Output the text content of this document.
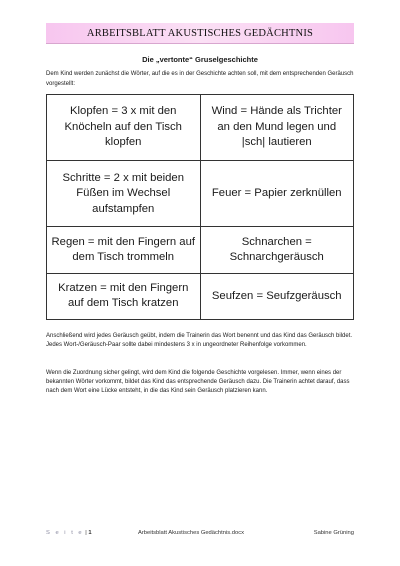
ARBEITSBLATT AKUSTISCHES GEDÄCHTNIS
Die „vertonte“ Gruselgeschichte
Dem Kind werden zunächst die Wörter, auf die es in der Geschichte achten soll, mit dem entsprechenden Geräusch vorgestellt:
Klopfen = 3 x mit den Knöcheln auf den Tisch klopfen	Wind = Hände als Trichter an den Mund legen und |sch| lautieren
Schritte = 2 x mit beiden Füßen im Wechsel aufstampfen	Feuer = Papier zerknüllen
Regen = mit den Fingern auf dem Tisch trommeln	Schnarchen = Schnarchgeräusch
Kratzen = mit den Fingern auf dem Tisch kratzen	Seufzen = Seufzgeräusch
Anschließend wird jedes Geräusch geübt, indem die Trainerin das Wort benennt und das Kind das Geräusch bildet. Jedes Wort-/Geräusch-Paar sollte dabei mindestens 3 x in ungeordneter Reihenfolge vorkommen.
Wenn die Zuordnung sicher gelingt, wird dem Kind die folgende Geschichte vorgelesen. Immer, wenn eines der bekannten Wörter vorkommt, bildet das Kind das entsprechende Geräusch dazu. Die Trainerin achtet darauf, dass nach dem Wort eine Lücke entsteht, in die das Kind sein Geräusch platzieren kann.
S e i t e | 1	Arbeitsblatt Akustisches Gedächtnis.docx	Sabine Grüning
